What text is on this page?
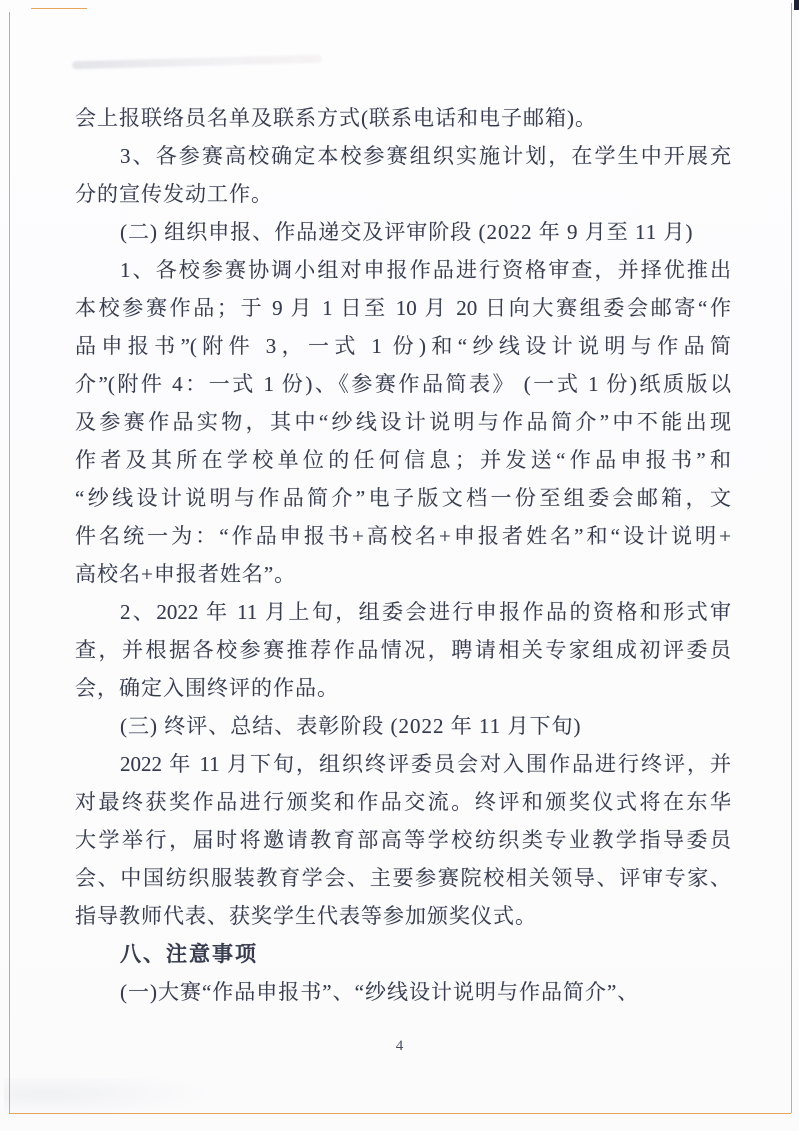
会上报联络员名单及联系方式(联系电话和电子邮箱)。
3、各参赛高校确定本校参赛组织实施计划，在学生中开展充
分的宣传发动工作。
(二) 组织申报、作品递交及评审阶段 (2022 年 9 月至 11 月)
1、各校参赛协调小组对申报作品进行资格审查，并择优推出
本校参赛作品；于 9 月 1 日至 10 月 20 日向大赛组委会邮寄“作
品申报书”(附件 3，一式 1 份)和“纱线设计说明与作品简
介”(附件 4：一式 1 份)、《参赛作品简表》 (一式 1 份)纸质版以
及参赛作品实物，其中“纱线设计说明与作品简介”中不能出现
作者及其所在学校单位的任何信息；并发送“作品申报书”和
“纱线设计说明与作品简介”电子版文档一份至组委会邮箱，文
件名统一为：“作品申报书+高校名+申报者姓名”和“设计说明+
高校名+申报者姓名”。
2、2022 年 11 月上旬，组委会进行申报作品的资格和形式审
查，并根据各校参赛推荐作品情况，聘请相关专家组成初评委员
会，确定入围终评的作品。
(三) 终评、总结、表彰阶段 (2022 年 11 月下旬)
2022 年 11 月下旬，组织终评委员会对入围作品进行终评，并
对最终获奖作品进行颁奖和作品交流。终评和颁奖仪式将在东华
大学举行，届时将邀请教育部高等学校纺织类专业教学指导委员
会、中国纺织服装教育学会、主要参赛院校相关领导、评审专家、
指导教师代表、获奖学生代表等参加颁奖仪式。
八、注意事项
(一)大赛“作品申报书”、“纱线设计说明与作品简介”、
4
